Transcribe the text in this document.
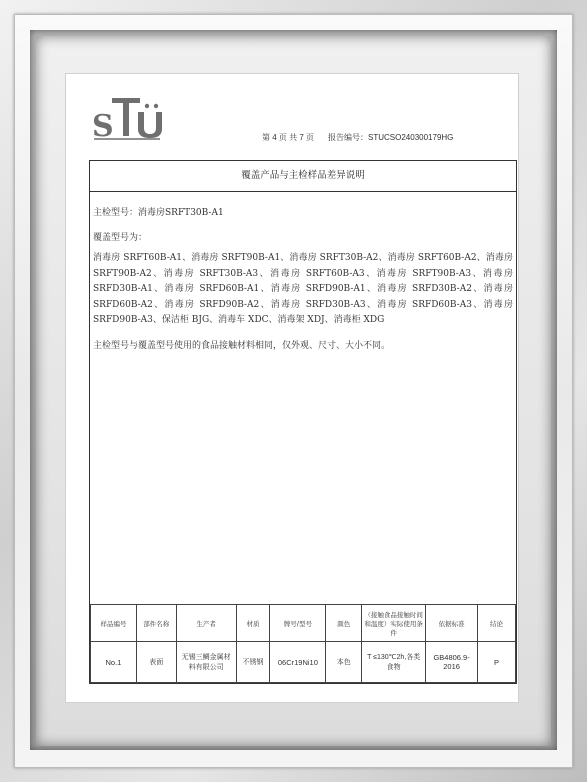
S	第 4 页 共 7 页 报告编号：STUCSO240300179HG
覆盖产品与主检样品差异说明
主检型号：消毒房SRFT30B-A1
覆盖型号为：
消毒房 SRFT60B-A1、消毒房 SRFT90B-A1、消毒房 SRFT30B-A2、消毒房 SRFT60B-A2、消毒房 SRFT90B-A2、消毒房 SRFT30B-A3、消毒房 SRFT60B-A3、消毒房 SRFT90B-A3、消毒房 SRFD30B-A1、消毒房 SRFD60B-A1、消毒房 SRFD90B-A1、消毒房 SRFD30B-A2、消毒房 SRFD60B-A2、消毒房 SRFD90B-A2、消毒房 SRFD30B-A3、消毒房 SRFD60B-A3、消毒房 SRFD90B-A3、保洁柜 BJG、消毒车 XDC、消毒架 XDJ、消毒柜 XDG
主检型号与覆盖型号使用的食品接触材料相同，仅外观、尺寸、大小不同。
样品编号	部件名称	生产者	材质	牌号/型号	颜色	（接触食品接触时间和温度）实际使用条件	依据标准	结论
No.1	表面	无锡三鲷金属材料有限公司	不锈钢	06Cr19Ni10	本色	T ≤130℃2h,各类食物	GB4806.9-2016	P
